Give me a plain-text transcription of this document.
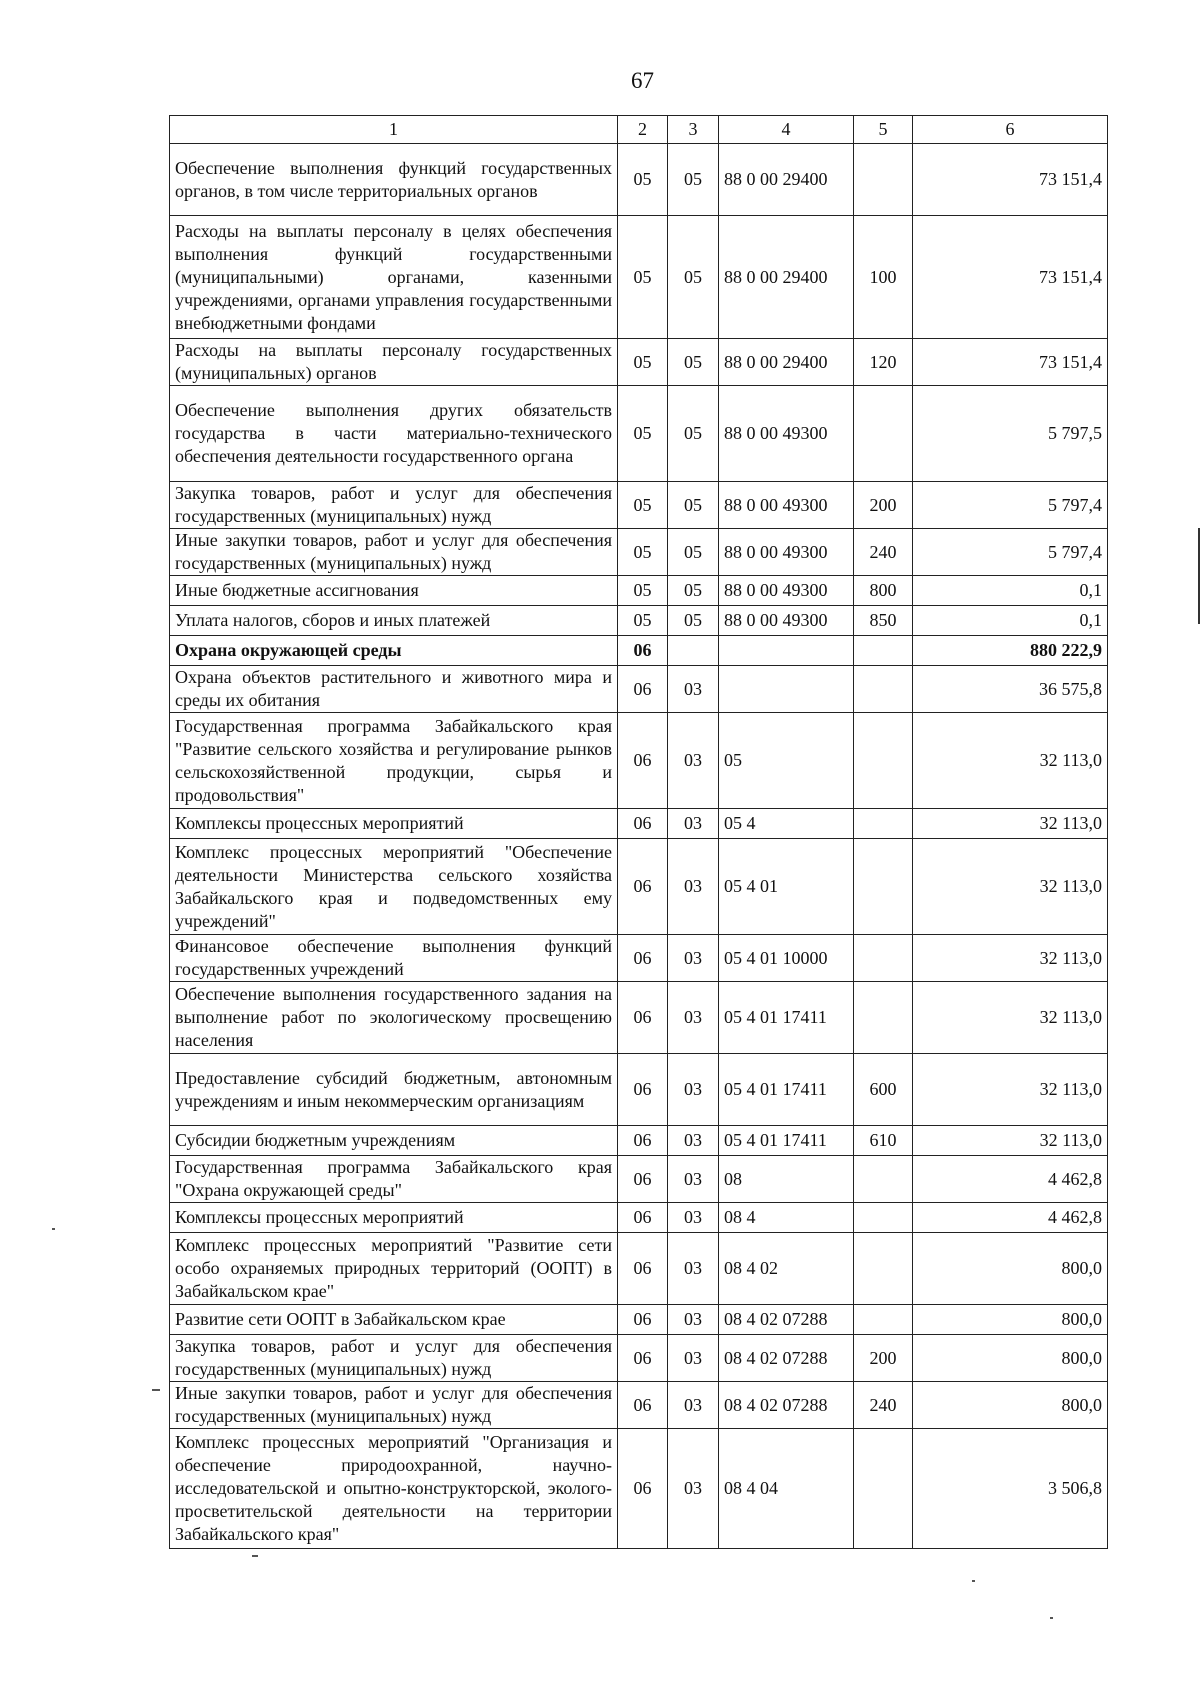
67
1	2	3	4	5	6
Обеспечение выполнения функций государственных органов, в том числе территориальных органов	05	05	88 0 00 29400		73 151,4
Расходы на выплаты персоналу в целях обеспечения выполнения функций государственными (муниципальными) органами, казенными учреждениями, органами управления государственными внебюджетными фондами	05	05	88 0 00 29400	100	73 151,4
Расходы на выплаты персоналу государственных (муниципальных) органов	05	05	88 0 00 29400	120	73 151,4
Обеспечение выполнения других обязательств государства в части материально-технического обеспечения деятельности государственного органа	05	05	88 0 00 49300		5 797,5
Закупка товаров, работ и услуг для обеспечения государственных (муниципальных) нужд	05	05	88 0 00 49300	200	5 797,4
Иные закупки товаров, работ и услуг для обеспечения государственных (муниципальных) нужд	05	05	88 0 00 49300	240	5 797,4
Иные бюджетные ассигнования	05	05	88 0 00 49300	800	0,1
Уплата налогов, сборов и иных платежей	05	05	88 0 00 49300	850	0,1
Охрана окружающей среды	06				880 222,9
Охрана объектов растительного и животного мира и среды их обитания	06	03			36 575,8
Государственная программа Забайкальского края "Развитие сельского хозяйства и регулирование рынков сельскохозяйственной продукции, сырья и продовольствия"	06	03	05		32 113,0
Комплексы процессных мероприятий	06	03	05 4		32 113,0
Комплекс процессных мероприятий "Обеспечение деятельности Министерства сельского хозяйства Забайкальского края и подведомственных ему учреждений"	06	03	05 4 01		32 113,0
Финансовое обеспечение выполнения функций государственных учреждений	06	03	05 4 01 10000		32 113,0
Обеспечение выполнения государственного задания на выполнение работ по экологическому просвещению населения	06	03	05 4 01 17411		32 113,0
Предоставление субсидий бюджетным, автономным учреждениям и иным некоммерческим организациям	06	03	05 4 01 17411	600	32 113,0
Субсидии бюджетным учреждениям	06	03	05 4 01 17411	610	32 113,0
Государственная программа Забайкальского края "Охрана окружающей среды"	06	03	08		4 462,8
Комплексы процессных мероприятий	06	03	08 4		4 462,8
Комплекс процессных мероприятий "Развитие сети особо охраняемых природных территорий (ООПТ) в Забайкальском крае"	06	03	08 4 02		800,0
Развитие сети ООПТ в Забайкальском крае	06	03	08 4 02 07288		800,0
Закупка товаров, работ и услуг для обеспечения государственных (муниципальных) нужд	06	03	08 4 02 07288	200	800,0
Иные закупки товаров, работ и услуг для обеспечения государственных (муниципальных) нужд	06	03	08 4 02 07288	240	800,0
Комплекс процессных мероприятий "Организация и обеспечение природоохранной, научно-исследовательской и опытно-конструкторской, эколого-просветительской деятельности на территории Забайкальского края"	06	03	08 4 04		3 506,8
